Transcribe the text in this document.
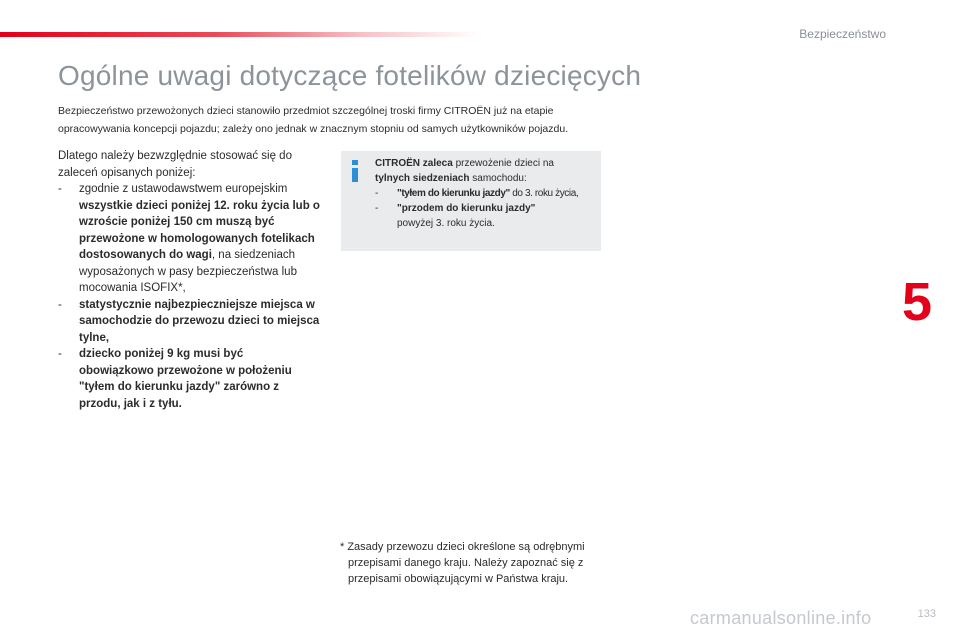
Bezpieczeństwo
Ogólne uwagi dotyczące fotelików dziecięcych
Bezpieczeństwo przewożonych dzieci stanowiło przedmiot szczególnej troski firmy CITROËN już na etapie opracowywania koncepcji pojazdu; zależy ono jednak w znacznym stopniu od samych użytkowników pojazdu.

Dlatego należy bezwzględnie stosować się do zaleceń opisanych poniżej:

- zgodnie z ustawodawstwem europejskim wszystkie dzieci poniżej 12. roku życia lub o wzroście poniżej 150 cm muszą być przewożone w homologowanych fotelikach dostosowanych do wagi, na siedzeniach wyposażonych w pasy bezpieczeństwa lub mocowania ISOFIX*,

- statystycznie najbezpieczniejsze miejsca w samochodzie do przewozu dzieci to miejsca tylne,

- dziecko poniżej 9 kg musi być obowiązkowo przewożone w położeniu "tyłem do kierunku jazdy" zarówno z przodu, jak i z tyłu.

CITROËN zaleca przewożenie dzieci na

tylnych siedzeniach samochodu:

- "tyłem do kierunku jazdy" do 3. roku życia,

- "przodem do kierunku jazdy"
powyżej 3. roku życia.

5
* Zasady przewozu dzieci określone są odrębnymi przepisami danego kraju. Należy zapoznać się z przepisami obowiązującymi w Państwa kraju.
carmanualsonline.info	133
